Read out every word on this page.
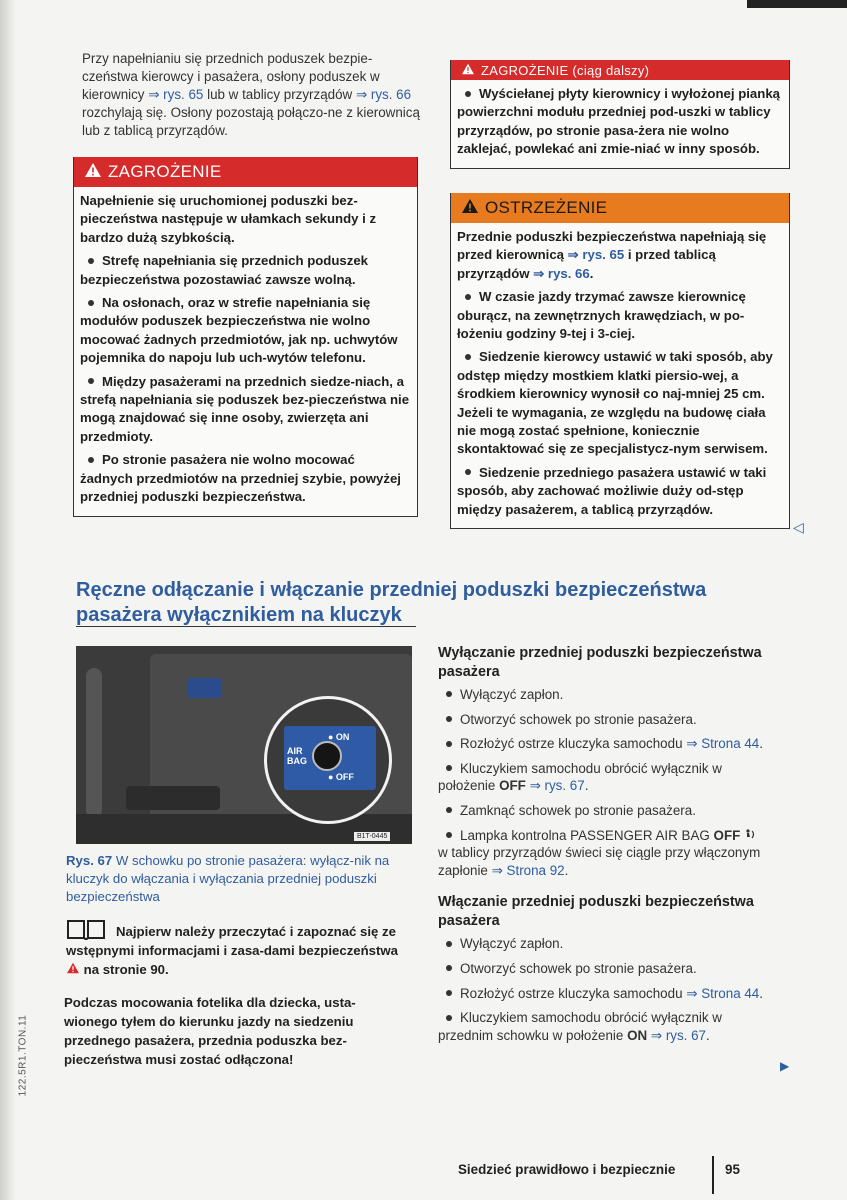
Przy napełnianiu się przednich poduszek bezpie-czeństwa kierowcy i pasażera, osłony poduszek w kierownicy ⇒ rys. 65 lub w tablicy przyrządów ⇒ rys. 66 rozchylają się. Osłony pozostają połączo-ne z kierownicą lub z tablicą przyrządów.
ZAGROŻENIE

Napełnienie się uruchomionej poduszki bez-pieczeństwa następuje w ułamkach sekundy i z bardzo dużą szybkością.

Strefę napełniania się przednich poduszek bezpieczeństwa pozostawiać zawsze wolną.

Na osłonach, oraz w strefie napełniania się modułów poduszek bezpieczeństwa nie wolno mocować żadnych przedmiotów, jak np. uchwytów pojemnika do napoju lub uch-wytów telefonu.

Między pasażerami na przednich siedze-niach, a strefą napełniania się poduszek bez-pieczeństwa nie mogą znajdować się inne osoby, zwierzęta ani przedmioty.

Po stronie pasażera nie wolno mocować żadnych przedmiotów na przedniej szybie, powyżej przedniej poduszki bezpieczeństwa.

ZAGROŻENIE (ciąg dalszy)

Wyściełanej płyty kierownicy i wyłożonej pianką powierzchni modułu przedniej pod-uszki w tablicy przyrządów, po stronie pasa-żera nie wolno zaklejać, powlekać ani zmie-niać w inny sposób.

OSTRZEŻENIE

Przednie poduszki bezpieczeństwa napełniają się przed kierownicą ⇒ rys. 65 i przed tablicą przyrządów ⇒ rys. 66.

W czasie jazdy trzymać zawsze kierownicę oburącz, na zewnętrznych krawędziach, w po-łożeniu godziny 9-tej i 3-ciej.

Siedzenie kierowcy ustawić w taki sposób, aby odstęp między mostkiem klatki piersio-wej, a środkiem kierownicy wynosił co naj-mniej 25 cm. Jeżeli te wymagania, ze względu na budowę ciała nie mogą zostać spełnione, koniecznie skontaktować się ze specjalistycz-nym serwisem.

Siedzenie przedniego pasażera ustawić w taki sposób, aby zachować możliwie duży od-stęp między pasażerem, a tablicą przyrządów.

◁
Ręczne odłączanie i włączanie przedniej poduszki bezpieczeństwa pasażera wyłącznikiem na kluczyk
AIR
BAG
● ON
● OFF
B1T-0445
Rys. 67 W schowku po stronie pasażera: wyłącz-nik na kluczyk do włączania i wyłączania przedniej poduszki bezpieczeństwa
Najpierw należy przeczytać i zapoznać się ze wstępnymi informacjami i zasa-dami bezpieczeństwa  na stronie 90.
Podczas mocowania fotelika dla dziecka, usta-wionego tyłem do kierunku jazdy na siedzeniu przednego pasażera, przednia poduszka bez-pieczeństwa musi zostać odłączona!
Wyłączanie przedniej poduszki bezpieczeństwa pasażera
Wyłączyć zapłon.
Otworzyć schowek po stronie pasażera.
Rozłożyć ostrze kluczyka samochodu ⇒ Strona 44.
Kluczykiem samochodu obrócić wyłącznik w położenie OFF ⇒ rys. 67.
Zamknąć schowek po stronie pasażera.
Lampka kontrolna PASSENGER AIR BAG OFF  w tablicy przyrządów świeci się ciągle przy włączonym zapłonie ⇒ Strona 92.
Włączanie przedniej poduszki bezpieczeństwa pasażera
Wyłączyć zapłon.
Otworzyć schowek po stronie pasażera.
Rozłożyć ostrze kluczyka samochodu ⇒ Strona 44.
Kluczykiem samochodu obrócić wyłącznik w przednim schowku w położenie ON ⇒ rys. 67.
▶
Siedzieć prawidłowo i bezpiecznie	95
122.5R1.TON.11
